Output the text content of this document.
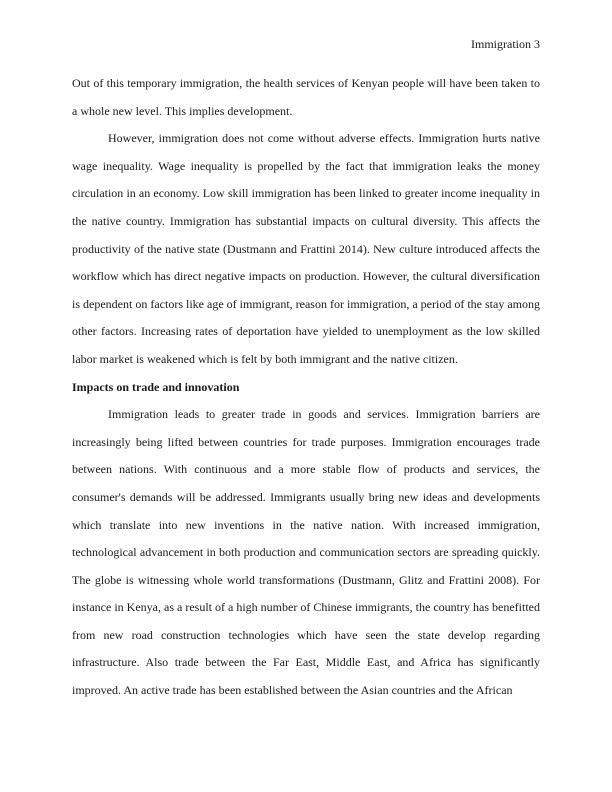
Immigration 3

Out of this temporary immigration, the health services of Kenyan people will have been taken to a whole new level. This implies development.

However, immigration does not come without adverse effects. Immigration hurts native wage inequality. Wage inequality is propelled by the fact that immigration leaks the money circulation in an economy. Low skill immigration has been linked to greater income inequality in the native country. Immigration has substantial impacts on cultural diversity. This affects the productivity of the native state (Dustmann and Frattini 2014). New culture introduced affects the workflow which has direct negative impacts on production. However, the cultural diversification is dependent on factors like age of immigrant, reason for immigration, a period of the stay among other factors. Increasing rates of deportation have yielded to unemployment as the low skilled labor market is weakened which is felt by both immigrant and the native citizen.

Impacts on trade and innovation

Immigration leads to greater trade in goods and services. Immigration barriers are increasingly being lifted between countries for trade purposes. Immigration encourages trade between nations. With continuous and a more stable flow of products and services, the consumer's demands will be addressed. Immigrants usually bring new ideas and developments which translate into new inventions in the native nation. With increased immigration, technological advancement in both production and communication sectors are spreading quickly. The globe is witnessing whole world transformations (Dustmann, Glitz and Frattini 2008). For instance in Kenya, as a result of a high number of Chinese immigrants, the country has benefitted from new road construction technologies which have seen the state develop regarding infrastructure. Also trade between the Far East, Middle East, and Africa has significantly improved. An active trade has been established between the Asian countries and the African
